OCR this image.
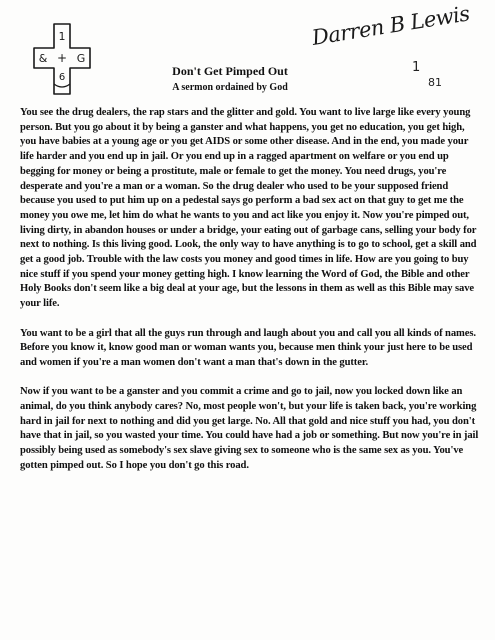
1
+ G
&
6
Darren B Lewis
1
81

Don't Get Pimped Out

A sermon ordained by God

You see the drug dealers, the rap stars and the glitter and gold. You want to live large like every young person. But you go about it by being a ganster and what happens, you get no education, you get high, you have babies at a young age or you get AIDS or some other disease. And in the end, you made your life harder and you end up in jail. Or you end up in a ragged apartment on welfare or you end up begging for money or being a prostitute, male or female to get the money. You need drugs, you're desperate and you're a man or a woman. So the drug dealer who used to be your supposed friend because you used to put him up on a pedestal says go perform a bad sex act on that guy to get me the money you owe me, let him do what he wants to you and act like you enjoy it. Now you're pimped out, living dirty, in abandon houses or under a bridge, your eating out of garbage cans, selling your body for next to nothing. Is this living good. Look, the only way to have anything is to go to school, get a skill and get a good job. Trouble with the law costs you money and good times in life. How are you going to buy nice stuff if you spend your money getting high. I know learning the Word of God, the Bible and other Holy Books don't seem like a big deal at your age, but the lessons in them as well as this Bible may save your life.

You want to be a girl that all the guys run through and laugh about you and call you all kinds of names. Before you know it, know good man or woman wants you, because men think your just here to be used and women if you're a man women don't want a man that's down in the gutter.

Now if you want to be a ganster and you commit a crime and go to jail, now you locked down like an animal, do you think anybody cares? No, most people won't, but your life is taken back, you're working hard in jail for next to nothing and did you get large. No. All that gold and nice stuff you had, you don't have that in jail, so you wasted your time. You could have had a job or something. But now you're in jail possibly being used as somebody's sex slave giving sex to someone who is the same sex as you. You've gotten pimped out. So I hope you don't go this road.
